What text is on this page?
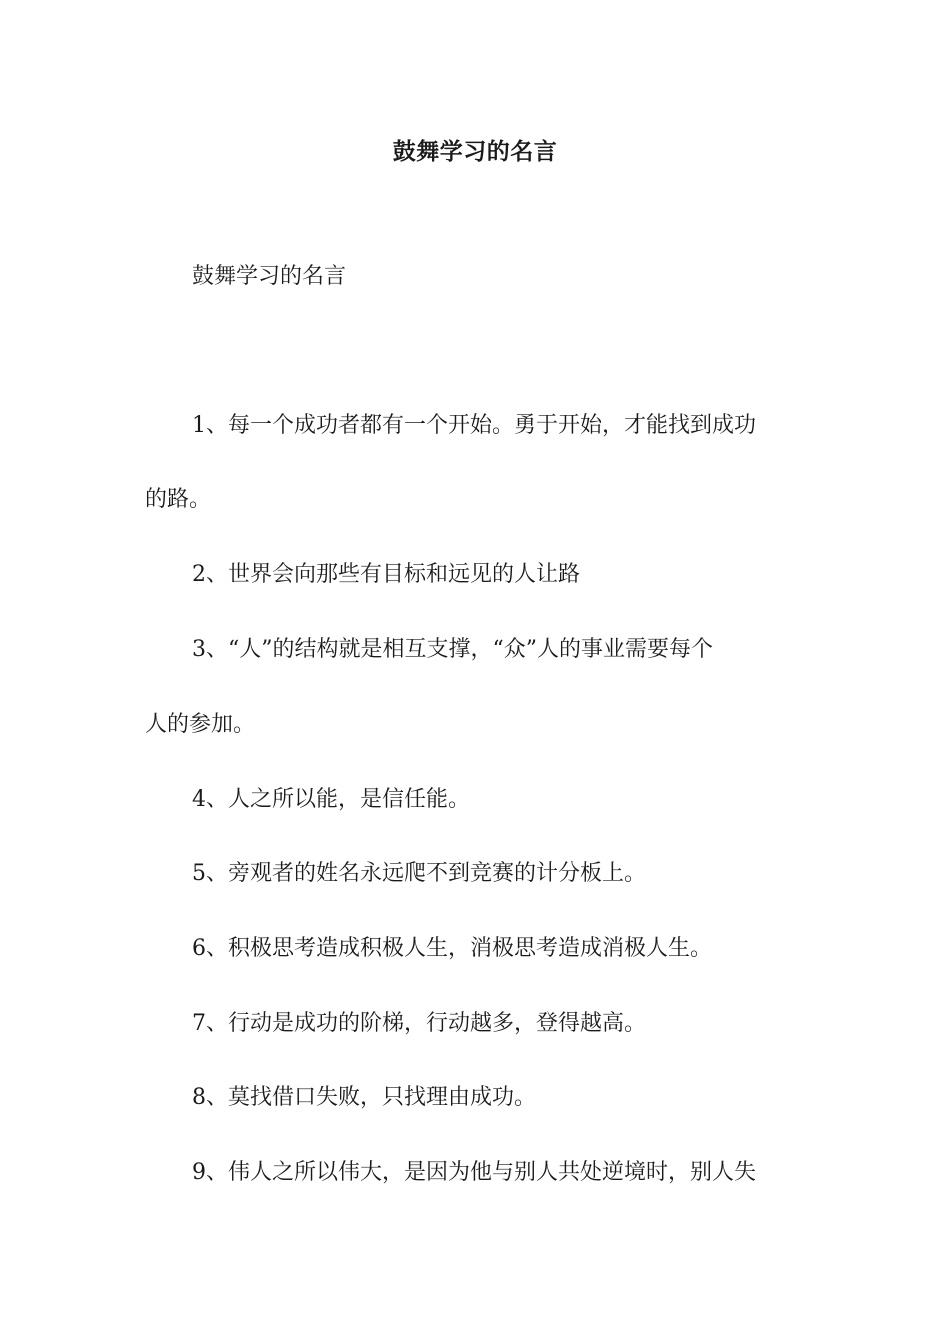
鼓舞学习的名言
鼓舞学习的名言
1、每一个成功者都有一个开始。勇于开始，才能找到成功
的路。
2、世界会向那些有目标和远见的人让路
3、“人”的结构就是相互支撑，“众”人的事业需要每个
人的参加。
4、人之所以能，是信任能。
5、旁观者的姓名永远爬不到竞赛的计分板上。
6、积极思考造成积极人生，消极思考造成消极人生。
7、行动是成功的阶梯，行动越多，登得越高。
8、莫找借口失败，只找理由成功。
9、伟人之所以伟大，是因为他与别人共处逆境时，别人失
